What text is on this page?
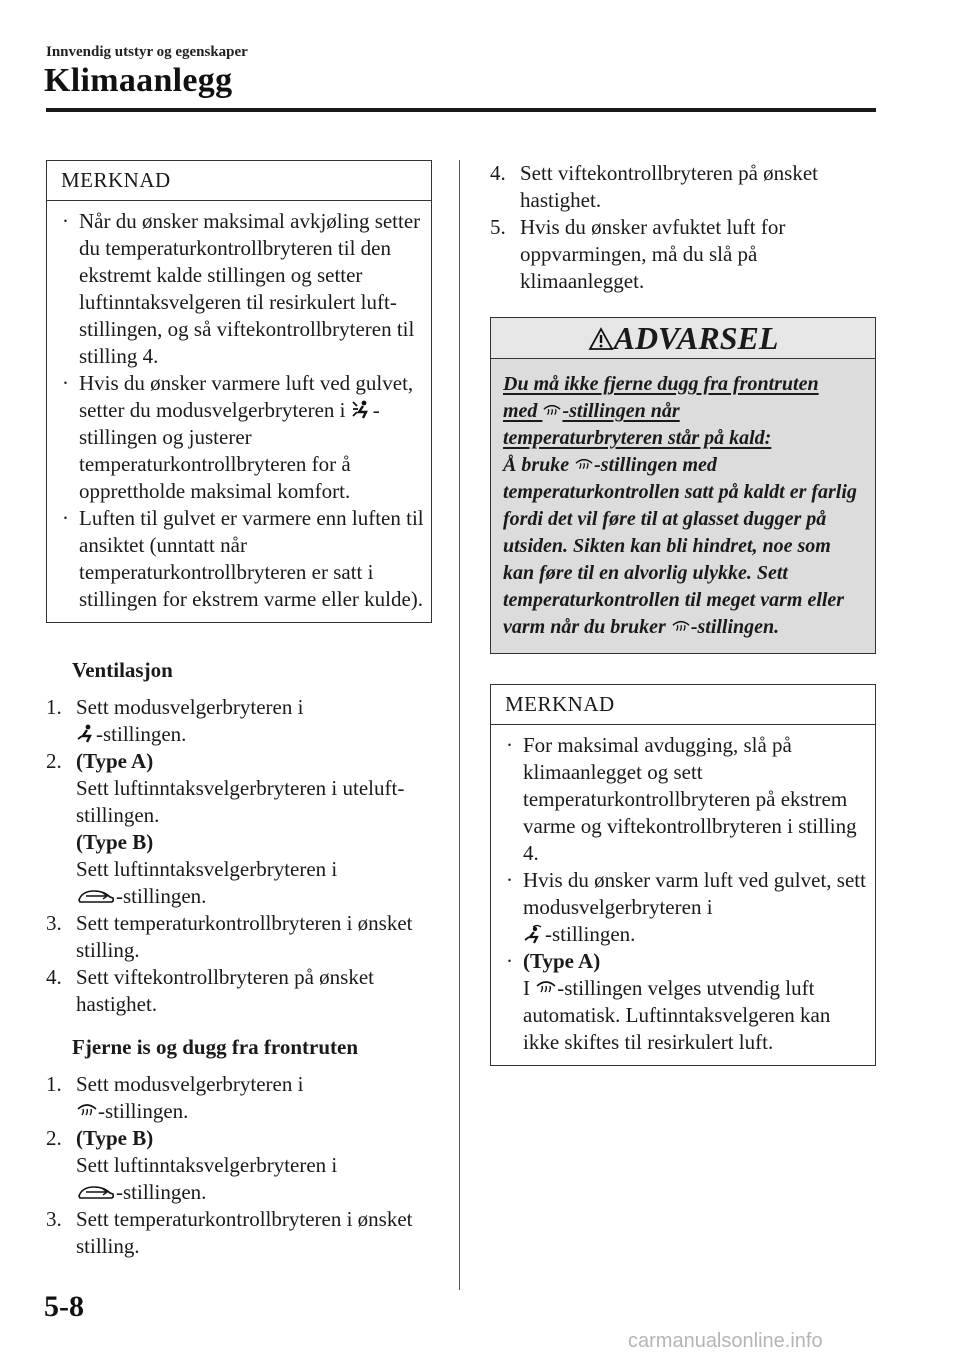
Innvendig utstyr og egenskaper
Klimaanlegg
MERKNAD
· Når du ønsker maksimal avkjøling setter du temperaturkontrollbryteren til den ekstremt kalde stillingen og setter luftinntaksvelgeren til resirkulert luft-stillingen, og så viftekontrollbryteren til stilling 4.
· Hvis du ønsker varmere luft ved gulvet, setter du modusvelgerbryteren i -stillingen og justerer temperaturkontrollbryteren for å opprettholde maksimal komfort.
· Luften til gulvet er varmere enn luften til ansiktet (unntatt når temperaturkontrollbryteren er satt i stillingen for ekstrem varme eller kulde).
Ventilasjon
1. Sett modusvelgerbryteren i
-stillingen.
2. (Type A)
Sett luftinntaksvelgerbryteren i uteluft-stillingen.
(Type B)
Sett luftinntaksvelgerbryteren i
-stillingen.
3. Sett temperaturkontrollbryteren i ønsket stilling.
4. Sett viftekontrollbryteren på ønsket hastighet.
Fjerne is og dugg fra frontruten
1. Sett modusvelgerbryteren i
-stillingen.
2. (Type B)
Sett luftinntaksvelgerbryteren i
-stillingen.
3. Sett temperaturkontrollbryteren i ønsket stilling.
4. Sett viftekontrollbryteren på ønsket hastighet.
5. Hvis du ønsker avfuktet luft for oppvarmingen, må du slå på klimaanlegget.
ADVARSEL
Du må ikke fjerne dugg fra frontruten
med -stillingen når
temperaturbryteren står på kald:
Å bruke -stillingen med temperaturkontrollen satt på kaldt er farlig fordi det vil føre til at glasset dugger på utsiden. Sikten kan bli hindret, noe som kan føre til en alvorlig ulykke. Sett temperaturkontrollen til meget varm eller varm når du bruker -stillingen.
MERKNAD
· For maksimal avdugging, slå på klimaanlegget og sett temperaturkontrollbryteren på ekstrem varme og viftekontrollbryteren i stilling 4.
· Hvis du ønsker varm luft ved gulvet, sett modusvelgerbryteren i
-stillingen.
· (Type A)
I -stillingen velges utvendig luft automatisk. Luftinntaksvelgeren kan ikke skiftes til resirkulert luft.
5-8
carmanualsonline.info
